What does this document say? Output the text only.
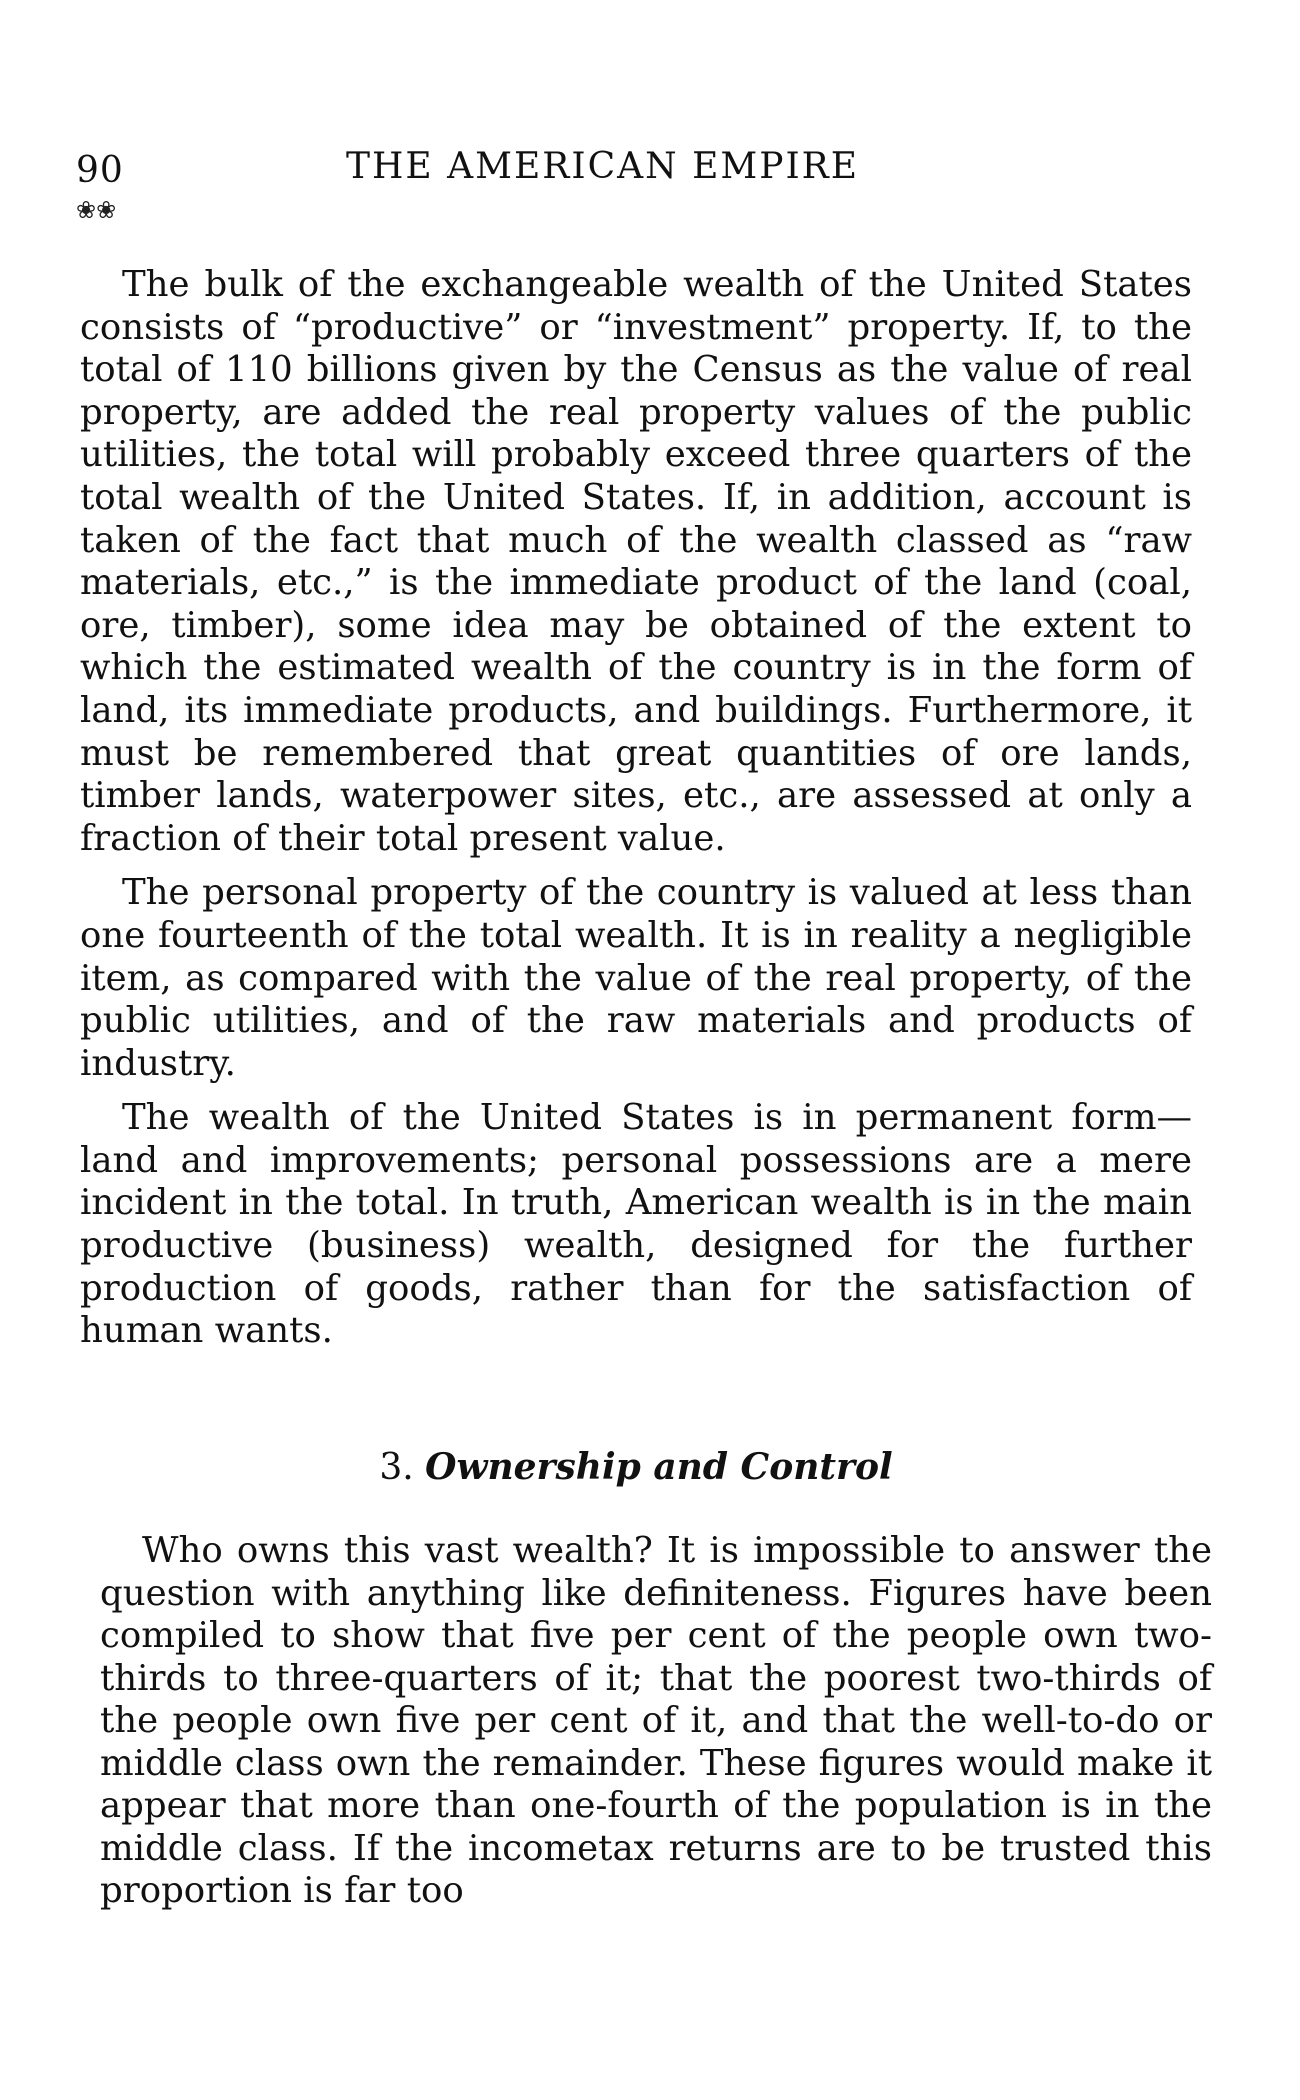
90	THE AMERICAN EMPIRE
❀❀

The bulk of the exchangeable wealth of the United States consists of “productive” or “investment” property. If, to the total of 110 billions given by the Census as the value of real property, are added the real property values of the public utilities, the total will probably exceed three quarters of the total wealth of the United States. If, in addition, account is taken of the fact that much of the wealth classed as “raw materials, etc.,” is the immediate product of the land (coal, ore, timber), some idea may be obtained of the extent to which the estimated wealth of the country is in the form of land, its immediate products, and buildings. Furthermore, it must be remembered that great quantities of ore lands, timber lands, waterpower sites, etc., are assessed at only a fraction of their total present value.

The personal property of the country is valued at less than one fourteenth of the total wealth. It is in reality a negligible item, as compared with the value of the real property, of the public utilities, and of the raw materials and products of industry.

The wealth of the United States is in permanent form—land and improvements; personal possessions are a mere incident in the total. In truth, American wealth is in the main productive (business) wealth, designed for the further production of goods, rather than for the satisfaction of human wants.

3. Ownership and Control

Who owns this vast wealth? It is impossible to answer the question with anything like definiteness. Figures have been compiled to show that five per cent of the people own two-thirds to three-quarters of it; that the poorest two-thirds of the people own five per cent of it, and that the well-to-do or middle class own the remainder. These figures would make it appear that more than one-fourth of the population is in the middle class. If the incometax returns are to be trusted this proportion is far too
